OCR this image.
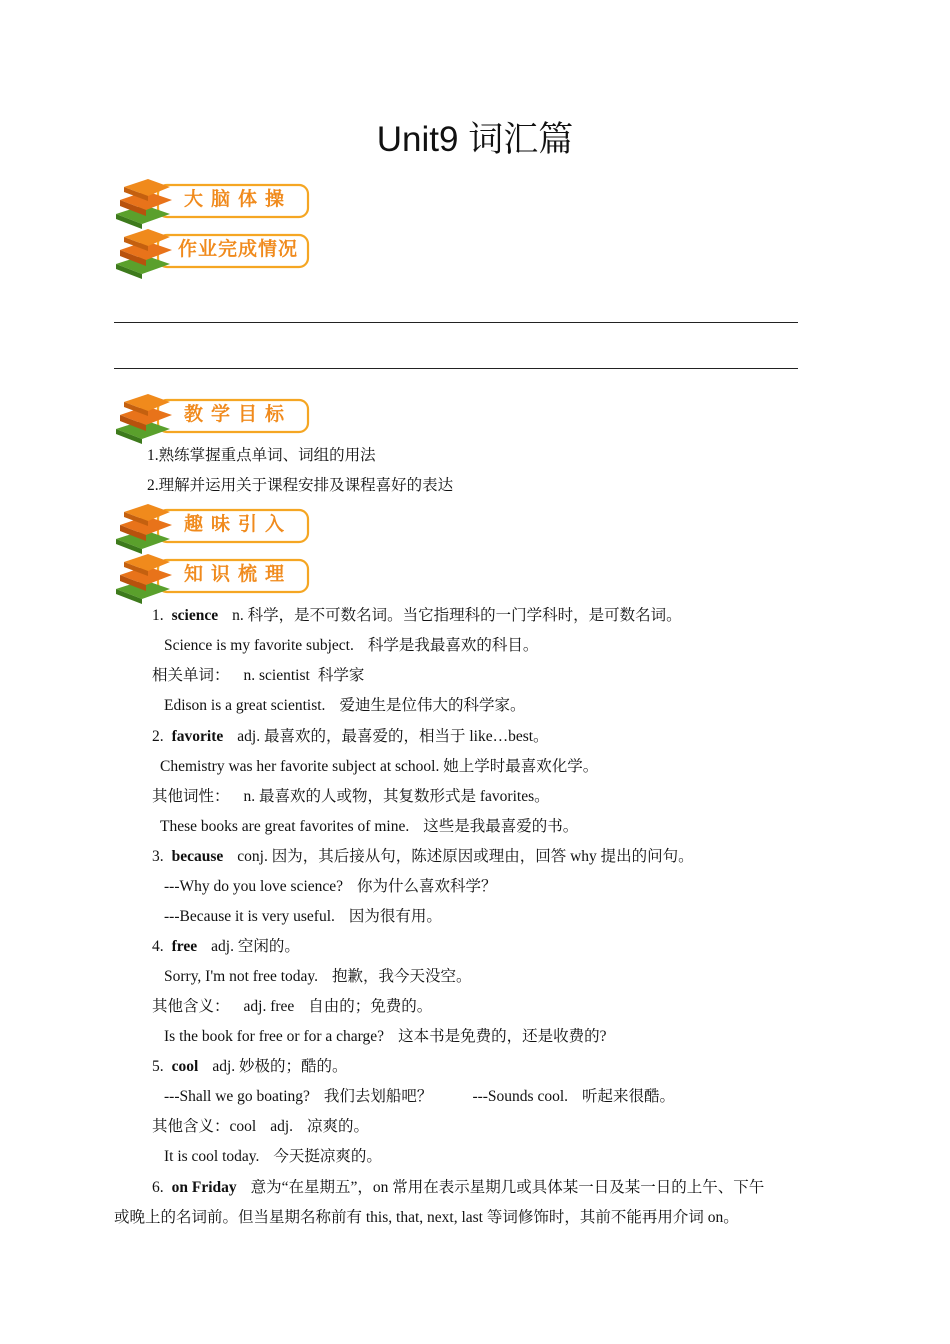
Unit9 词汇篇
大脑体操
作业完成情况
教学目标
1.熟练掌握重点单词、词组的用法
2.理解并运用关于课程安排及课程喜好的表达
趣味引入
知识梳理
1. science n. 科学，是不可数名词。当它指理科的一门学科时，是可数名词。
Science is my favorite subject. 科学是我最喜欢的科目。
相关单词： n. scientist 科学家
Edison is a great scientist. 爱迪生是位伟大的科学家。
2. favorite adj. 最喜欢的，最喜爱的，相当于 like…best。
Chemistry was her favorite subject at school. 她上学时最喜欢化学。
其他词性： n. 最喜欢的人或物，其复数形式是 favorites。
These books are great favorites of mine. 这些是我最喜爱的书。
3. because conj. 因为，其后接从句，陈述原因或理由，回答 why 提出的问句。
---Why do you love science? 你为什么喜欢科学？
---Because it is very useful. 因为很有用。
4. free adj. 空闲的。
Sorry, I'm not free today. 抱歉，我今天没空。
其他含义： adj. free 自由的；免费的。
Is the book for free or for a charge? 这本书是免费的，还是收费的?
5. cool adj. 妙极的；酷的。
---Shall we go boating? 我们去划船吧？	---Sounds cool. 听起来很酷。
其他含义：cool adj. 凉爽的。
It is cool today. 今天挺凉爽的。
6. on Friday 意为“在星期五”，on 常用在表示星期几或具体某一日及某一日的上午、下午
或晚上的名词前。但当星期名称前有 this, that, next, last 等词修饰时，其前不能再用介词 on。
